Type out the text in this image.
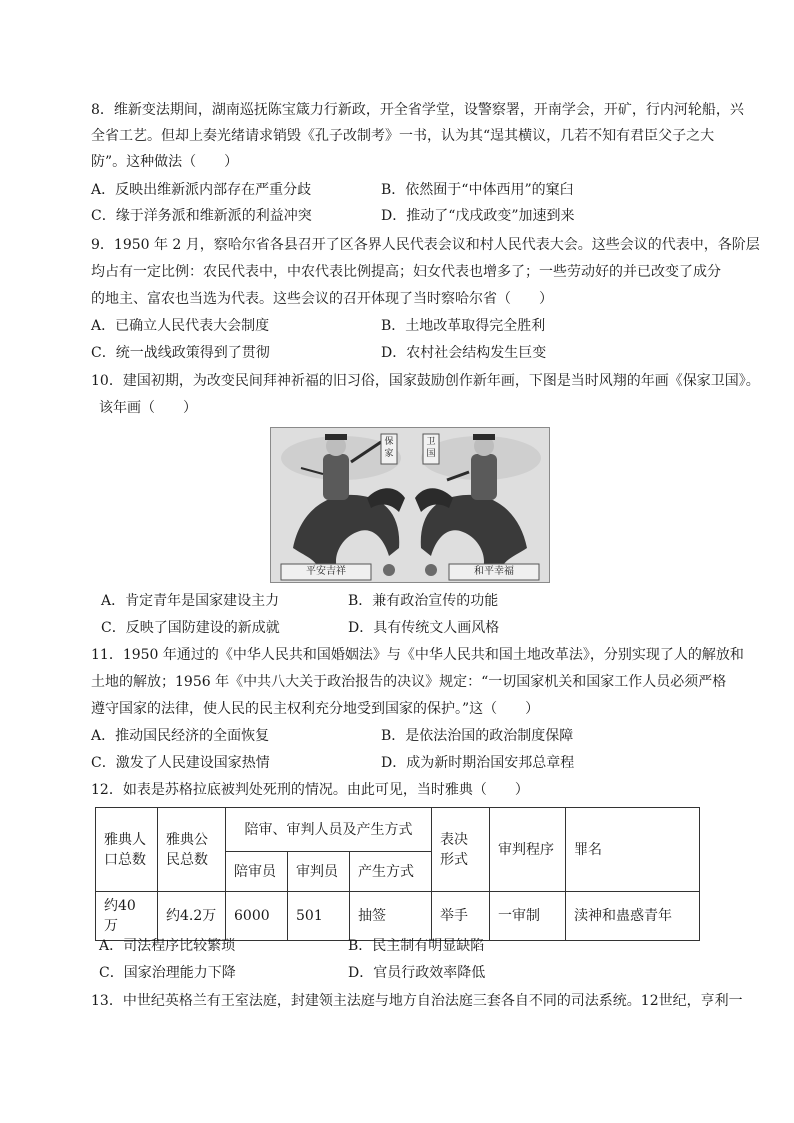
8．维新变法期间，湖南巡抚陈宝箴力行新政，开全省学堂，设警察署，开南学会，开矿，行内河轮船，兴
全省工艺。但却上奏光绪请求销毁《孔子改制考》一书，认为其“逞其横议，几若不知有君臣父子之大
防”。这种做法（　　）
A．反映出维新派内部存在严重分歧	B．依然囿于“中体西用”的窠臼
C．缘于洋务派和维新派的利益冲突	D．推动了“戊戌政变”加速到来
9．1950 年 2 月，察哈尔省各县召开了区各界人民代表会议和村人民代表大会。这些会议的代表中，各阶层
均占有一定比例：农民代表中，中农代表比例提高；妇女代表也增多了；一些劳动好的并已改变了成分
的地主、富农也当选为代表。这些会议的召开体现了当时察哈尔省（　　）
A．已确立人民代表大会制度	B．土地改革取得完全胜利
C．统一战线政策得到了贯彻	D．农村社会结构发生巨变
10．建国初期，为改变民间拜神祈福的旧习俗，国家鼓励创作新年画，下图是当时风翔的年画《保家卫国》。
该年画（　　）
保家
卫国
平安吉祥	和平幸福
A．肯定青年是国家建设主力	B．兼有政治宣传的功能
C．反映了国防建设的新成就	D．具有传统文人画风格
11．1950 年通过的《中华人民共和国婚姻法》与《中华人民共和国土地改革法》，分别实现了人的解放和
土地的解放；1956 年《中共八大关于政治报告的决议》规定：“一切国家机关和国家工作人员必须严格
遵守国家的法律，使人民的民主权利充分地受到国家的保护。”这（　　）
A．推动国民经济的全面恢复	B．是依法治国的政治制度保障
C．激发了人民建设国家热情	D．成为新时期治国安邦总章程
12．如表是苏格拉底被判处死刑的情况。由此可见，当时雅典（　　）
雅典人口总数	雅典公民总数	陪审、审判人员及产生方式			表决形式	审判程序	罪名
		陪审员	审判员	产生方式			
约40万	约4.2万	6000	501	抽签	举手	一审制	渎神和蛊惑青年
A．司法程序比较繁琐	B．民主制有明显缺陷
C．国家治理能力下降	D．官员行政效率降低
13．中世纪英格兰有王室法庭，封建领主法庭与地方自治法庭三套各自不同的司法系统。12世纪，亨利一
